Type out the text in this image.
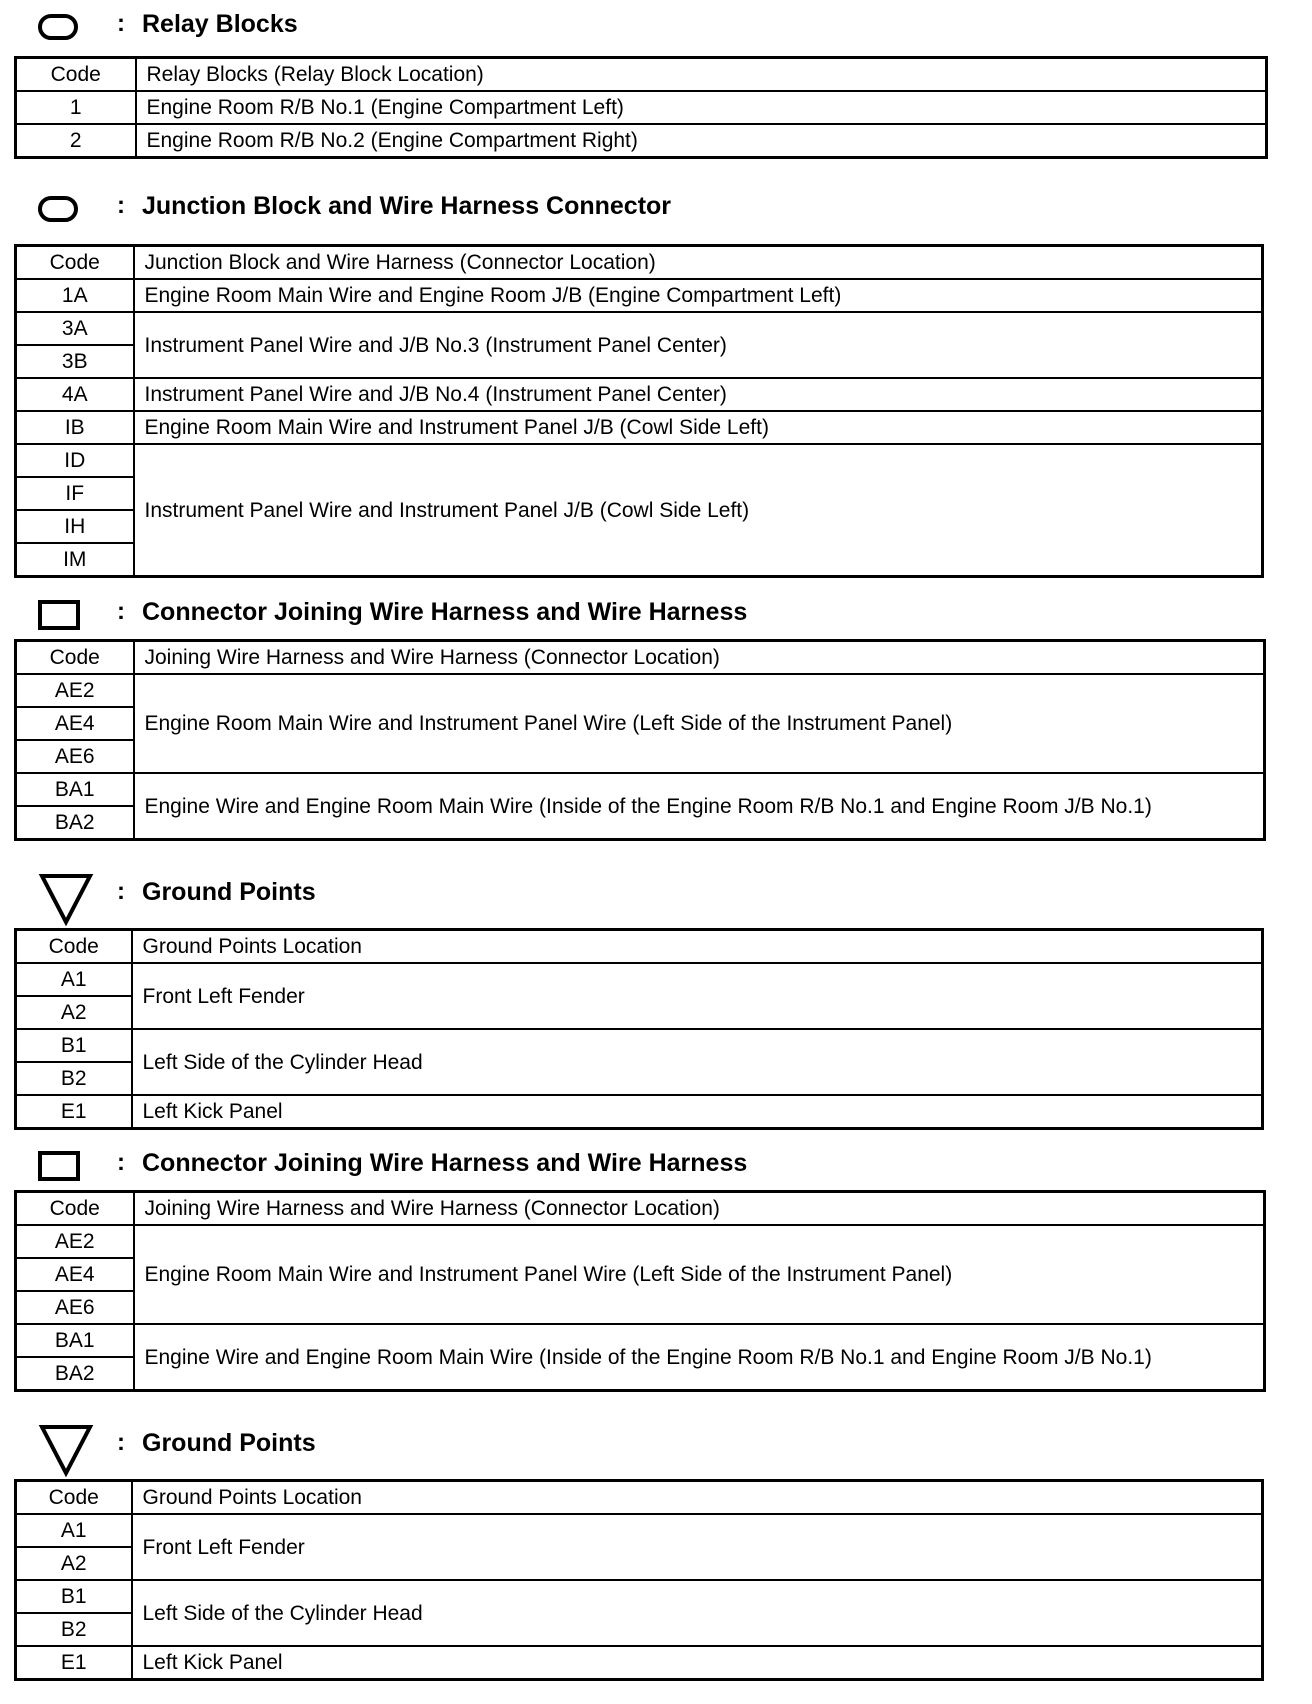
: Relay Blocks
Code	Relay Blocks (Relay Block Location)
1	Engine Room R/B No.1 (Engine Compartment Left)
2	Engine Room R/B No.2 (Engine Compartment Right)
: Junction Block and Wire Harness Connector
Code	Junction Block and Wire Harness (Connector Location)
1A	Engine Room Main Wire and Engine Room J/B (Engine Compartment Left)
3A	Instrument Panel Wire and J/B No.3 (Instrument Panel Center)
3B	
4A	Instrument Panel Wire and J/B No.4 (Instrument Panel Center)
IB	Engine Room Main Wire and Instrument Panel J/B (Cowl Side Left)
ID	Instrument Panel Wire and Instrument Panel J/B (Cowl Side Left)
IF	
IH	
IM	
: Connector Joining Wire Harness and Wire Harness
Code	Joining Wire Harness and Wire Harness (Connector Location)
AE2	Engine Room Main Wire and Instrument Panel Wire (Left Side of the Instrument Panel)
AE4	
AE6	
BA1	Engine Wire and Engine Room Main Wire (Inside of the Engine Room R/B No.1 and Engine Room J/B No.1)
BA2	
: Ground Points
Code	Ground Points Location
A1	Front Left Fender
A2	
B1	Left Side of the Cylinder Head
B2	
E1	Left Kick Panel
: Connector Joining Wire Harness and Wire Harness
Code	Joining Wire Harness and Wire Harness (Connector Location)
AE2	Engine Room Main Wire and Instrument Panel Wire (Left Side of the Instrument Panel)
AE4	
AE6	
BA1	Engine Wire and Engine Room Main Wire (Inside of the Engine Room R/B No.1 and Engine Room J/B No.1)
BA2	
: Ground Points
Code	Ground Points Location
A1	Front Left Fender
A2	
B1	Left Side of the Cylinder Head
B2	
E1	Left Kick Panel
